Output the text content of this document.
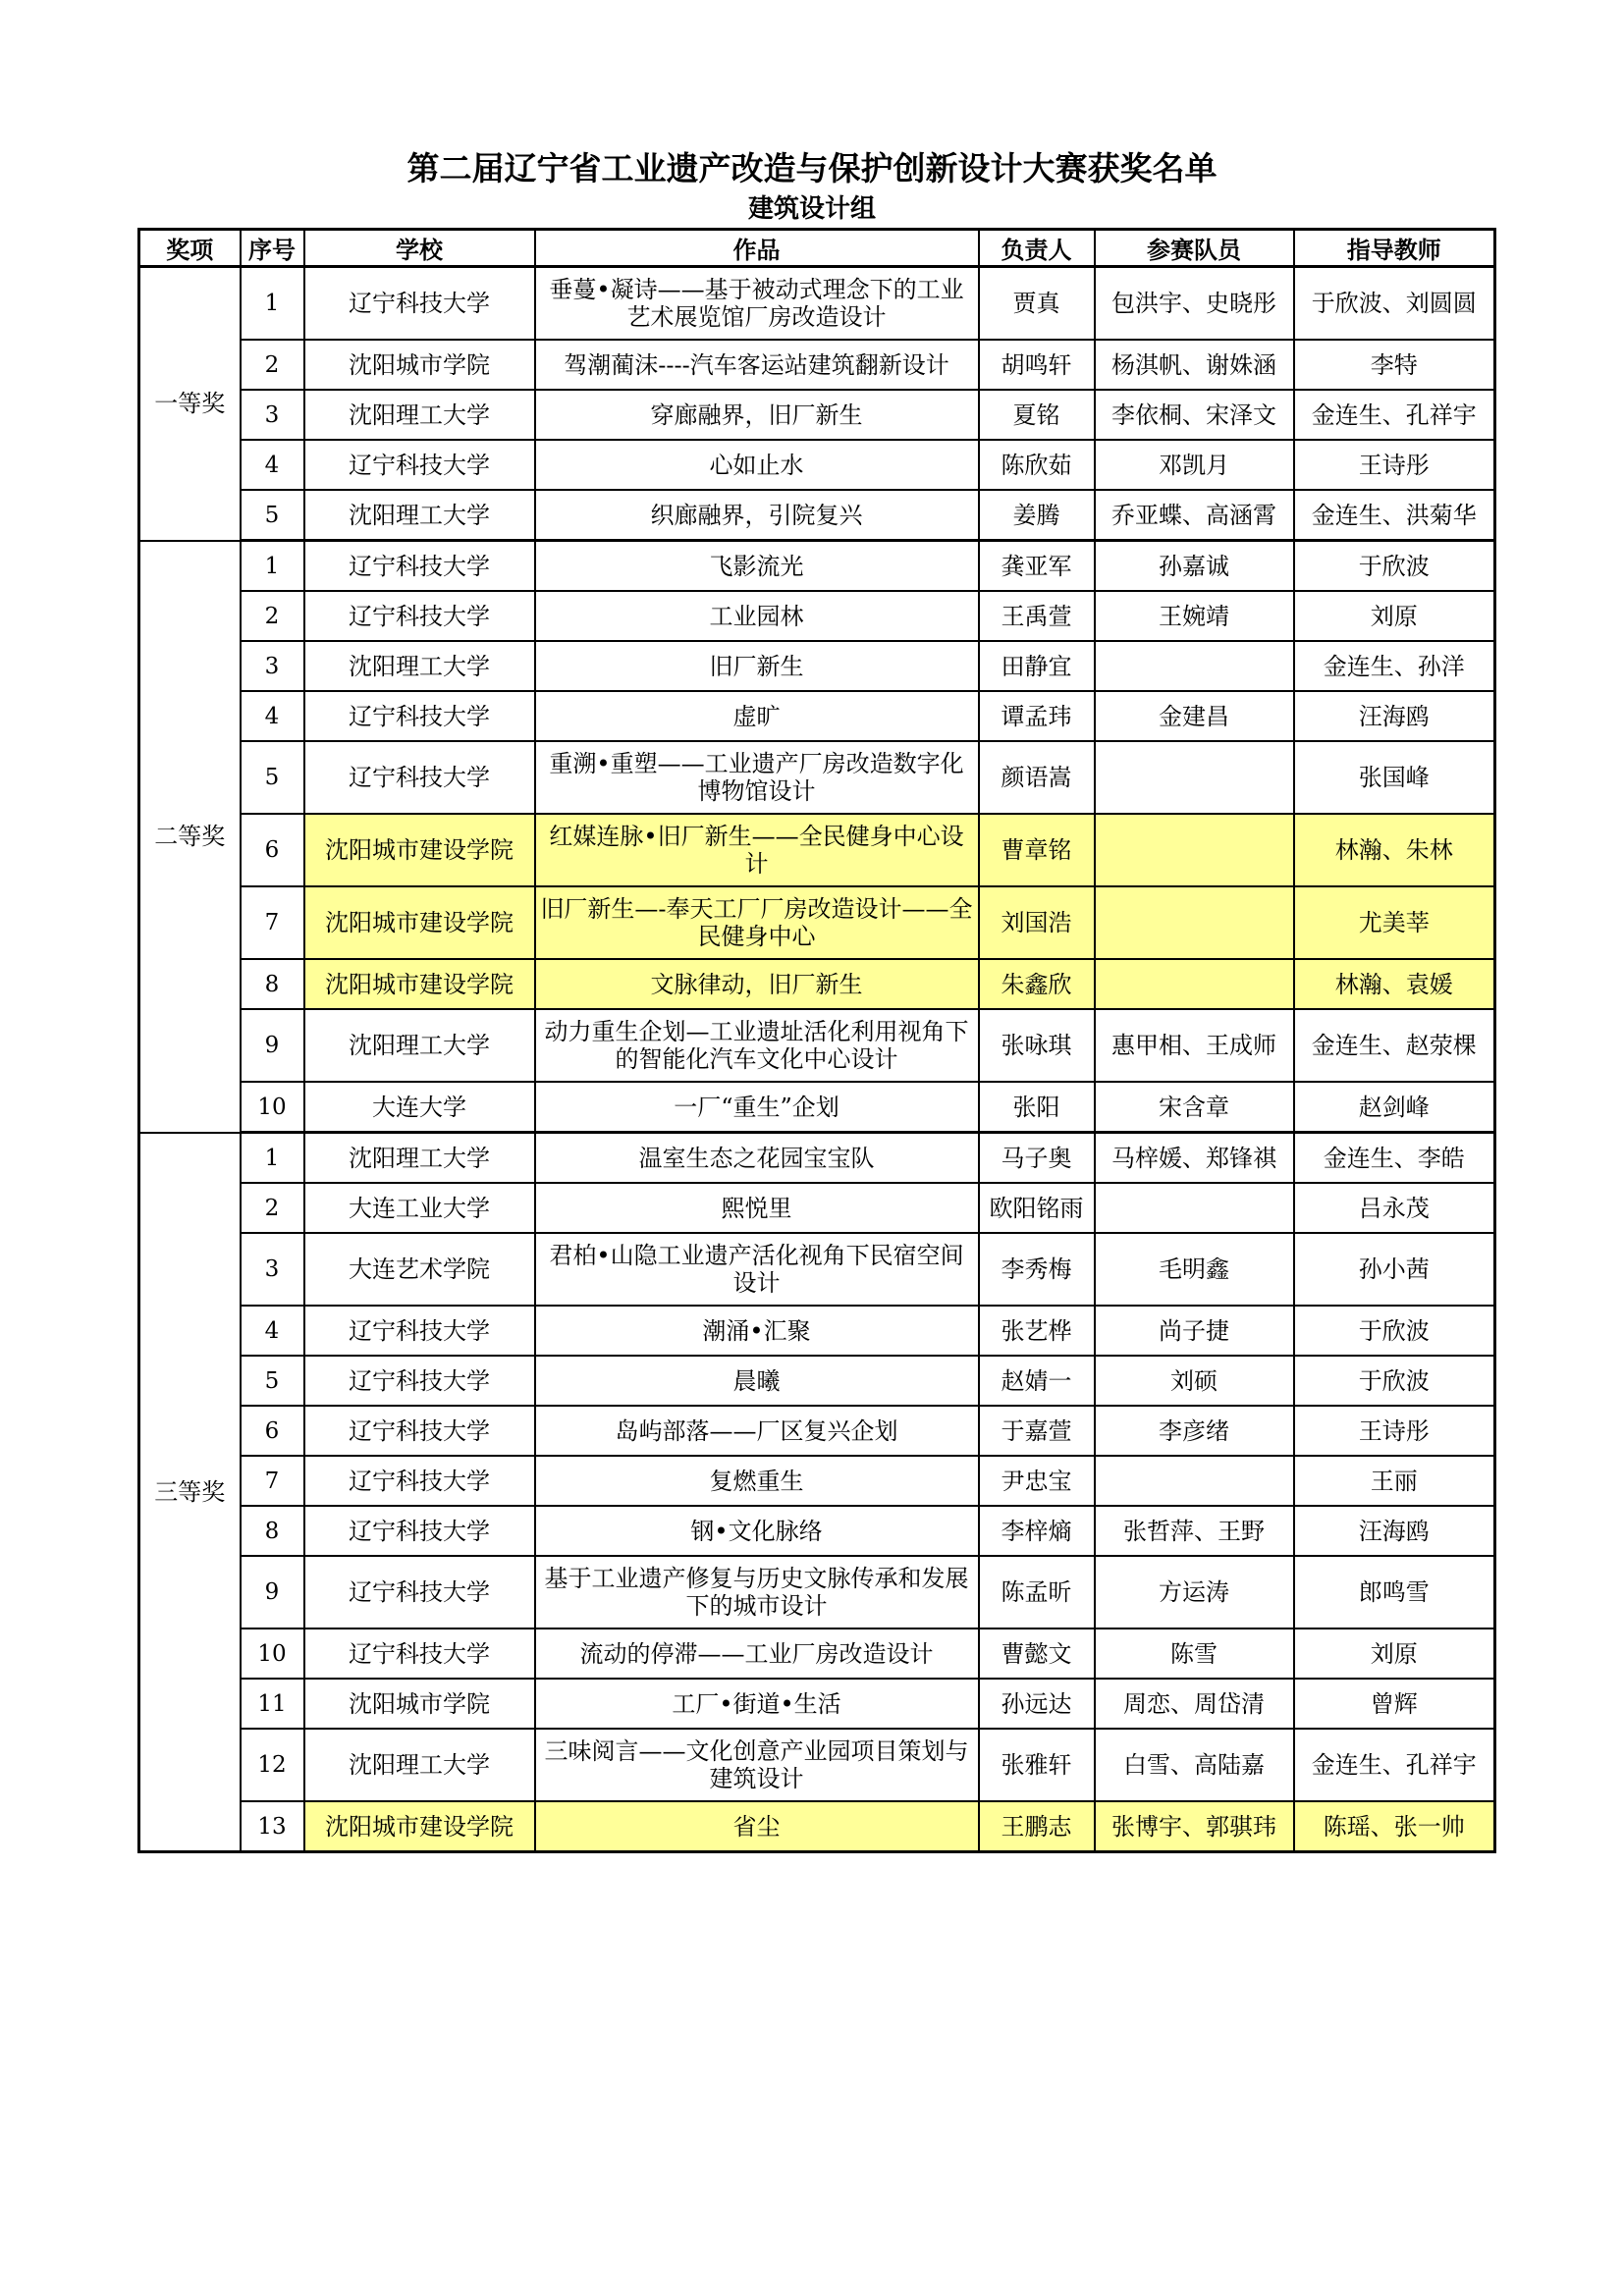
第二届辽宁省工业遗产改造与保护创新设计大赛获奖名单
建筑设计组
奖项	序号	学校	作品	负责人	参赛队员	指导教师
一等奖	1	辽宁科技大学	垂蔓•凝诗——基于被动式理念下的工业艺术展览馆厂房改造设计	贾真	包洪宇、史晓彤	于欣波、刘圆圆
	2	沈阳城市学院	驾潮蔺沫----汽车客运站建筑翻新设计	胡鸣轩	杨淇帆、谢姝涵	李特
	3	沈阳理工大学	穿廊融界，旧厂新生	夏铭	李依桐、宋泽文	金连生、孔祥宇
	4	辽宁科技大学	心如止水	陈欣茹	邓凯月	王诗彤
	5	沈阳理工大学	织廊融界，引院复兴	姜腾	乔亚蝶、高涵霄	金连生、洪菊华
二等奖	1	辽宁科技大学	飞影流光	龚亚军	孙嘉诚	于欣波
	2	辽宁科技大学	工业园林	王禹萱	王婉靖	刘原
	3	沈阳理工大学	旧厂新生	田静宜		金连生、孙洋
	4	辽宁科技大学	虚旷	谭孟玮	金建昌	汪海鸥
	5	辽宁科技大学	重溯•重塑——工业遗产厂房改造数字化博物馆设计	颜语嵩		张国峰
	6	沈阳城市建设学院	红媒连脉•旧厂新生——全民健身中心设计	曹章铭		林瀚、朱林
	7	沈阳城市建设学院	旧厂新生—-奉天工厂厂房改造设计——全民健身中心	刘国浩		尤美莘
	8	沈阳城市建设学院	文脉律动，旧厂新生	朱鑫欣		林瀚、袁媛
	9	沈阳理工大学	动力重生企划—工业遗址活化利用视角下的智能化汽车文化中心设计	张咏琪	惠甲相、王成师	金连生、赵荥棵
	10	大连大学	一厂“重生”企划	张阳	宋含章	赵剑峰
三等奖	1	沈阳理工大学	温室生态之花园宝宝队	马子奥	马梓媛、郑锋祺	金连生、李皓
	2	大连工业大学	熙悦里	欧阳铭雨		吕永茂
	3	大连艺术学院	君柏•山隐工业遗产活化视角下民宿空间设计	李秀梅	毛明鑫	孙小茜
	4	辽宁科技大学	潮涌•汇聚	张艺桦	尚子捷	于欣波
	5	辽宁科技大学	晨曦	赵婧一	刘硕	于欣波
	6	辽宁科技大学	岛屿部落——厂区复兴企划	于嘉萱	李彦绪	王诗彤
	7	辽宁科技大学	复燃重生	尹忠宝		王丽
	8	辽宁科技大学	钢•文化脉络	李梓熵	张哲萍、王野	汪海鸥
	9	辽宁科技大学	基于工业遗产修复与历史文脉传承和发展下的城市设计	陈孟昕	方运涛	郎鸣雪
	10	辽宁科技大学	流动的停滞——工业厂房改造设计	曹懿文	陈雪	刘原
	11	沈阳城市学院	工厂•街道•生活	孙远达	周恋、周岱清	曾辉
	12	沈阳理工大学	三味阅言——文化创意产业园项目策划与建筑设计	张雅轩	白雪、高陆嘉	金连生、孔祥宇
	13	沈阳城市建设学院	省尘	王鹏志	张博宇、郭骐玮	陈瑶、张一帅
